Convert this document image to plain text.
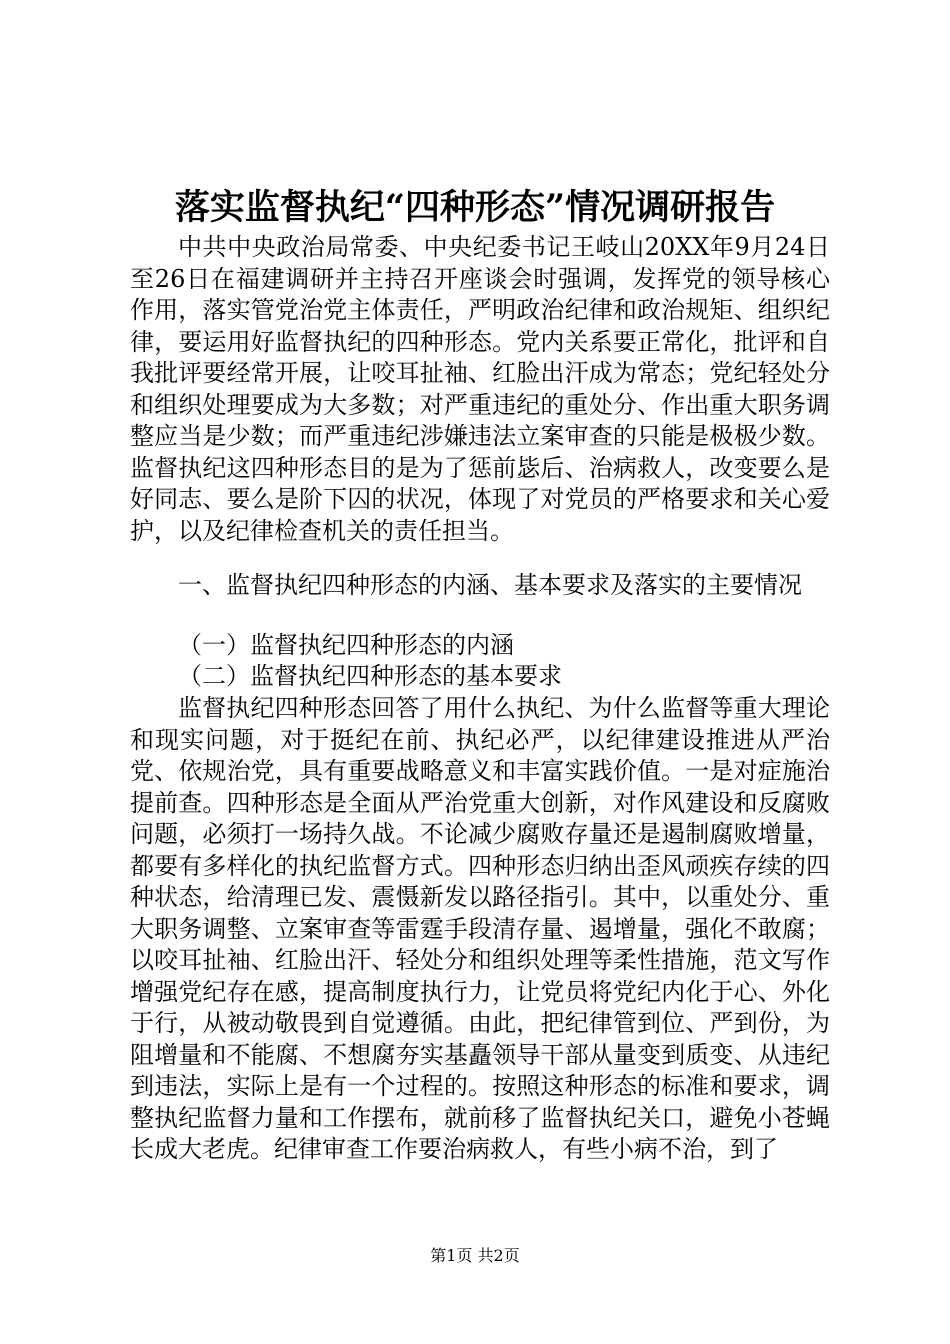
落实监督执纪“四种形态”情况调研报告

中共中央政治局常委、中央纪委书记王岐山20XX年9月24日至26日在福建调研并主持召开座谈会时强调，发挥党的领导核心作用，落实管党治党主体责任，严明政治纪律和政治规矩、组织纪律，要运用好监督执纪的四种形态。党内关系要正常化，批评和自我批评要经常开展，让咬耳扯袖、红脸出汗成为常态；党纪轻处分和组织处理要成为大多数；对严重违纪的重处分、作出重大职务调整应当是少数；而严重违纪涉嫌违法立案审查的只能是极极少数。监督执纪这四种形态目的是为了惩前毖后、治病救人，改变要么是好同志、要么是阶下囚的状况，体现了对党员的严格要求和关心爱护，以及纪律检查机关的责任担当。

一、监督执纪四种形态的内涵、基本要求及落实的主要情况

（一）监督执纪四种形态的内涵

（二）监督执纪四种形态的基本要求

监督执纪四种形态回答了用什么执纪、为什么监督等重大理论和现实问题，对于挺纪在前、执纪必严，以纪律建设推进从严治党、依规治党，具有重要战略意义和丰富实践价值。一是对症施治提前查。四种形态是全面从严治党重大创新，对作风建设和反腐败问题，必须打一场持久战。不论减少腐败存量还是遏制腐败增量，都要有多样化的执纪监督方式。四种形态归纳出歪风顽疾存续的四种状态，给清理已发、震慑新发以路径指引。其中，以重处分、重大职务调整、立案审查等雷霆手段清存量、遏增量，强化不敢腐；以咬耳扯袖、红脸出汗、轻处分和组织处理等柔性措施，范文写作增强党纪存在感，提高制度执行力，让党员将党纪内化于心、外化于行，从被动敬畏到自觉遵循。由此，把纪律管到位、严到份，为阻增量和不能腐、不想腐夯实基矗领导干部从量变到质变、从违纪到违法，实际上是有一个过程的。按照这种形态的标准和要求，调整执纪监督力量和工作摆布，就前移了监督执纪关口，避免小苍蝇长成大老虎。纪律审查工作要治病救人，有些小病不治，到了

第1页 共2页
